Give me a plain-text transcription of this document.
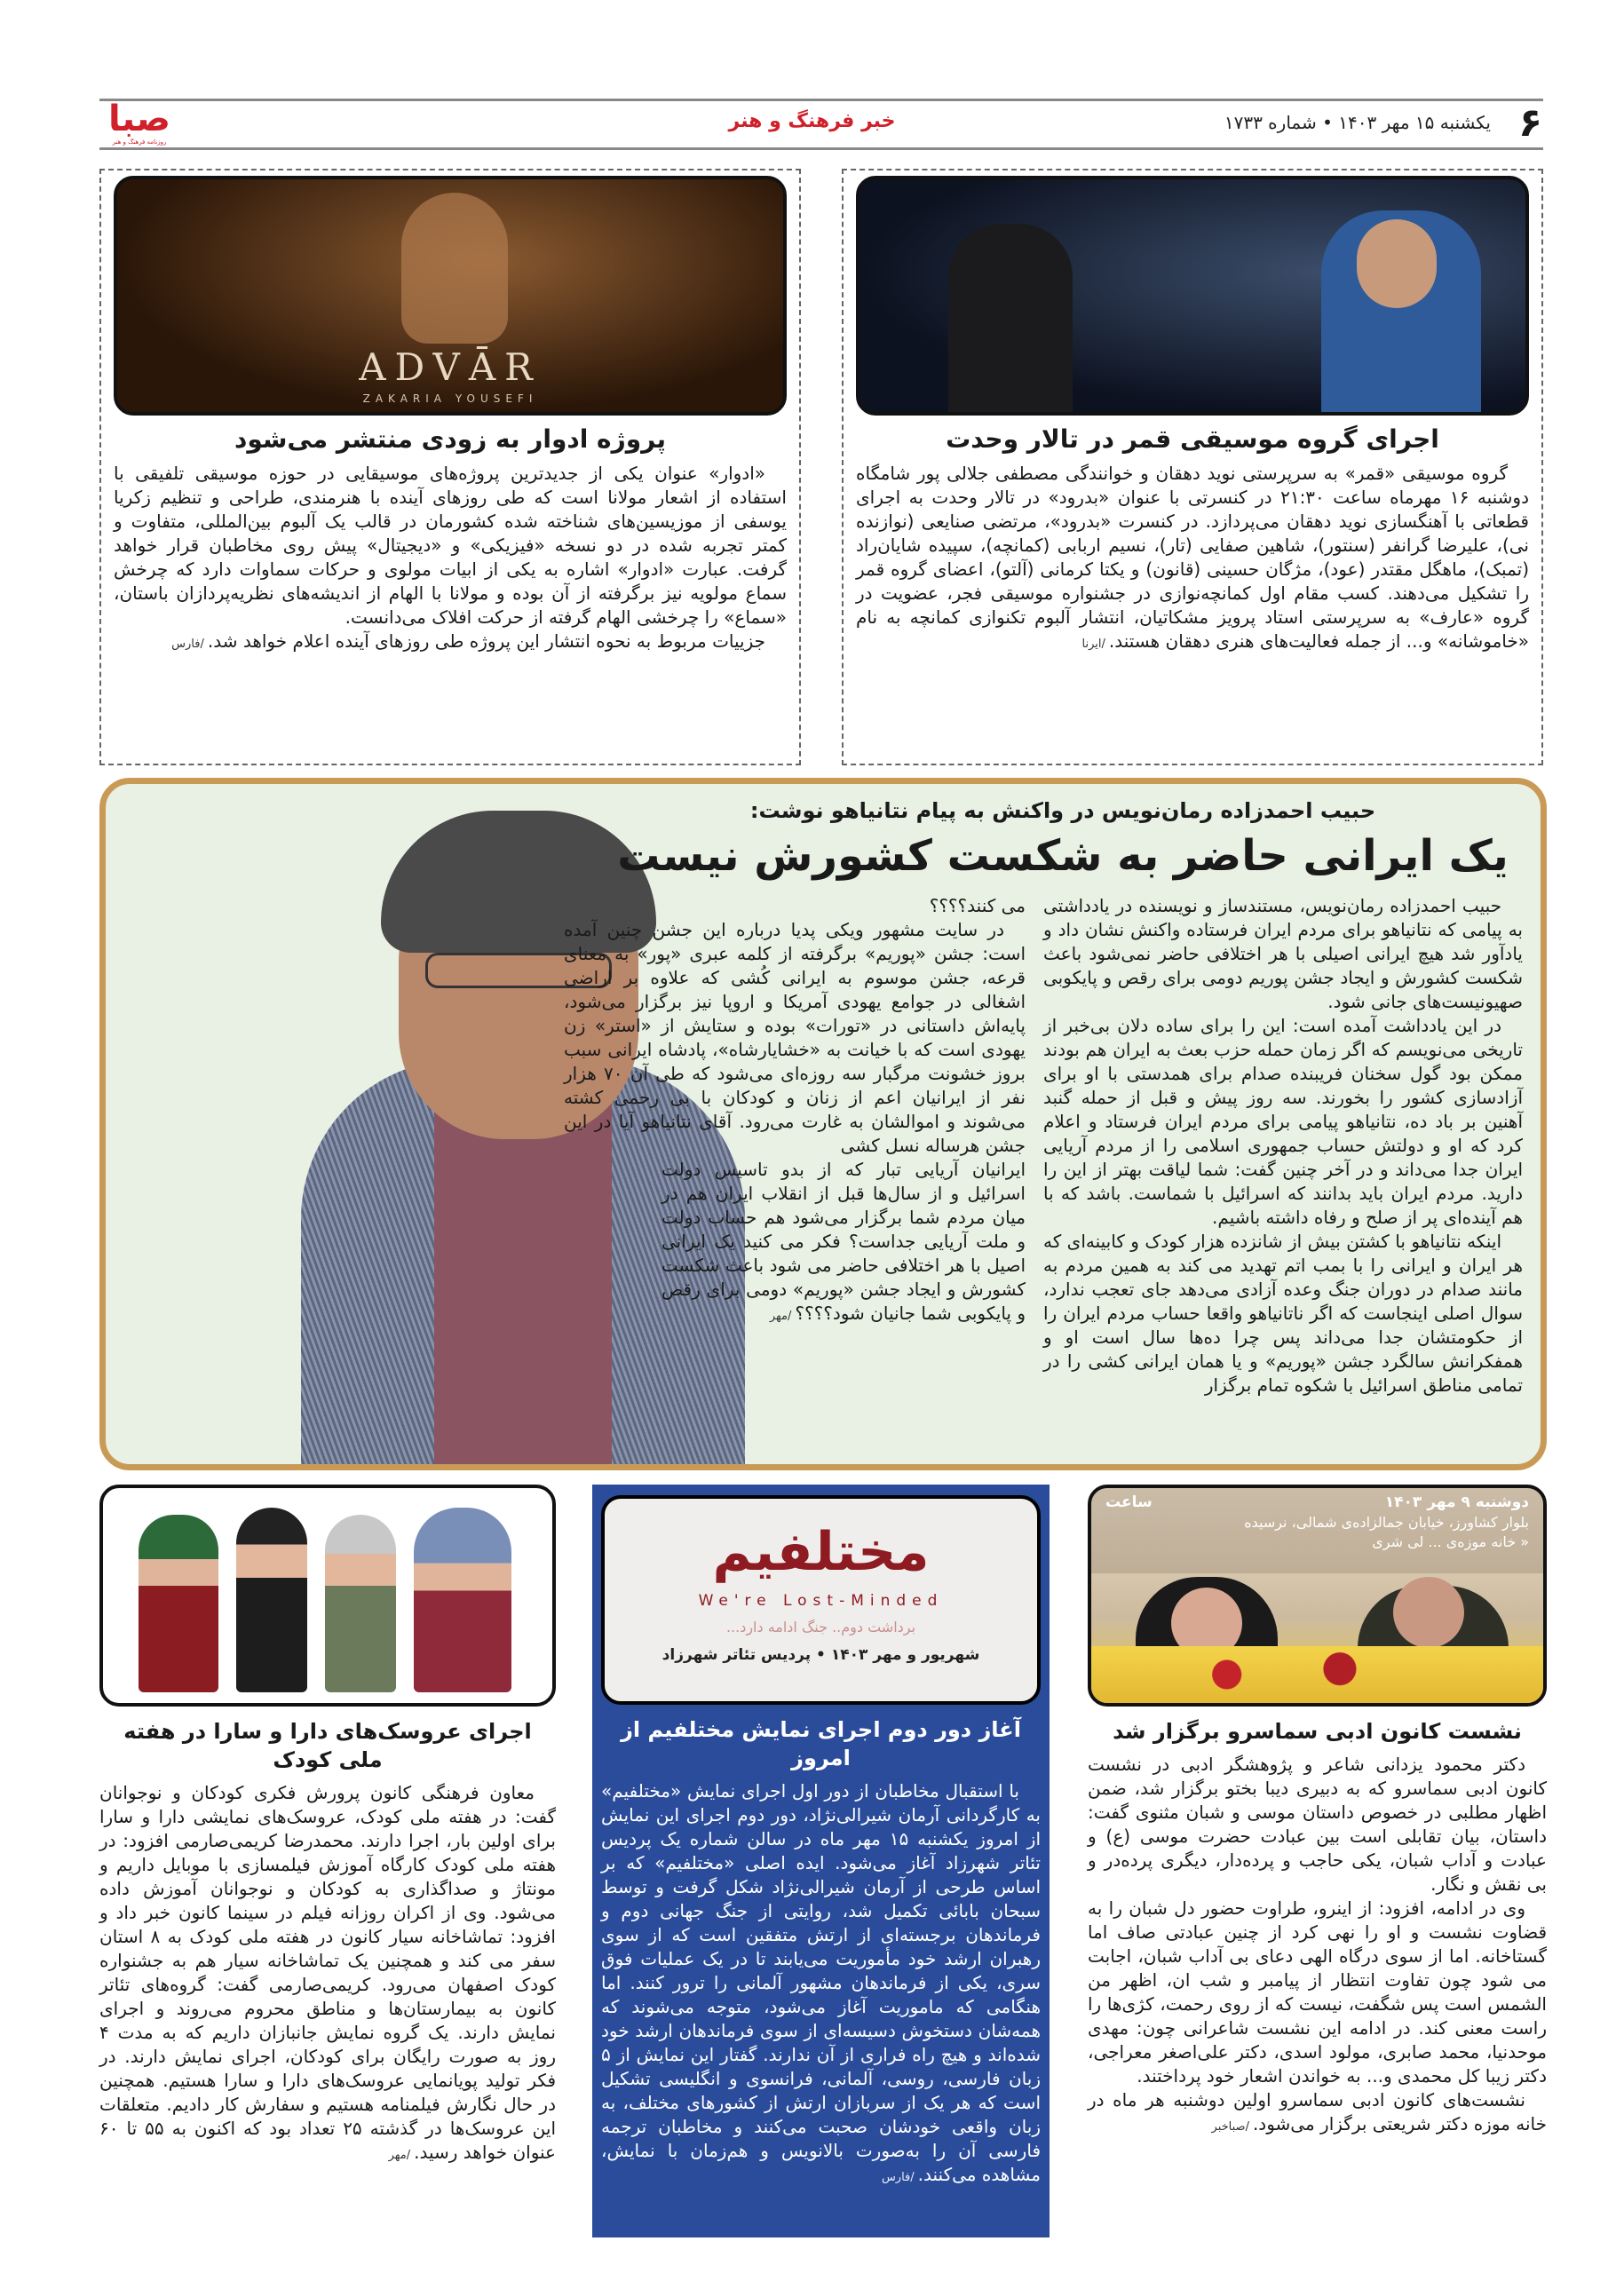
۶
یکشنبه ۱۵ مهر ۱۴۰۳ • شماره ۱۷۳۳
خبر فرهنگ و هنر
صبا
روزنامه فرهنگ و هنر
اجرای گروه موسیقی قمر در تالار وحدت

گروه موسیقی «قمر» به سرپرستی نوید دهقان و خوانندگی مصطفی جلالی پور شامگاه دوشنبه ۱۶ مهرماه ساعت ۲۱:۳۰ در کنسرتی با عنوان «بدرود» در تالار وحدت به اجرای قطعاتی با آهنگسازی نوید دهقان می‌پردازد. در کنسرت «بدرود»، مرتضی صنایعی (نوازنده نی)، علیرضا گرانفر (سنتور)، شاهین صفایی (تار)، نسیم اربابی (کمانچه)، سپیده شایان‌راد (تمبک)، ماهگل مقتدر (عود)، مژگان حسینی (قانون) و یکتا کرمانی (آلتو)، اعضای گروه قمر را تشکیل می‌دهند. کسب مقام اول کمانچه‌نوازی در جشنواره موسیقی فجر، عضویت در گروه «عارف» به سرپرستی استاد پرویز مشکاتیان، انتشار آلبوم تکنوازی کمانچه به نام «خاموشانه» و... از جمله فعالیت‌های هنری دهقان هستند./ایرنا

ADVĀR
ZAKARIA YOUSEFI
پروژه ادوار به زودی منتشر می‌شود

«ادوار» عنوان یکی از جدیدترین پروژه‌های موسیقایی در حوزه موسیقی تلفیقی با استفاده از اشعار مولانا است که طی روزهای آینده با هنرمندی، طراحی و تنظیم زکریا یوسفی از موزیسین‌های شناخته شده کشورمان در قالب یک آلبوم بین‌المللی، متفاوت و کمتر تجربه شده در دو نسخه «فیزیکی» و «دیجیتال» پیش روی مخاطبان قرار خواهد گرفت. عبارت «ادوار» اشاره به یکی از ابیات مولوی و حرکات سماوات دارد که چرخش سماع مولویه نیز برگرفته از آن بوده و مولانا با الهام از اندیشه‌های نظریه‌پردازان باستان، «سماع» را چرخشی الهام گرفته از حرکت افلاک می‌دانست.

جزییات مربوط به نحوه انتشار این پروژه طی روزهای آینده اعلام خواهد شد./فارس

حبیب احمدزاده رمان‌نویس در واکنش به پیام نتانیاهو نوشت:
یک ایرانی حاضر به شکست کشورش نیست

حبیب احمدزاده رمان‌نویس، مستندساز و نویسنده در یادداشتی به پیامی که نتانیاهو برای مردم ایران فرستاده واکنش نشان داد و یادآور شد هیچ ایرانی اصیلی با هر اختلافی حاضر نمی‌شود باعث شکست کشورش و ایجاد جشن پوریم دومی برای رقص و پایکوبی صهیونیست‌های جانی شود.

در این یادداشت آمده است: این را برای ساده دلان بی‌خبر از تاریخی می‌نویسم که اگر زمان حمله حزب بعث به ایران هم بودند ممکن بود گول سخنان فریبنده صدام برای همدستی با او برای آزادسازی کشور را بخورند. سه روز پیش و قبل از حمله گنبد آهنین بر باد ده، نتانیاهو پیامی برای مردم ایران فرستاد و اعلام کرد که او و دولتش حساب جمهوری اسلامی را از مردم آریایی ایران جدا می‌داند و در آخر چنین گفت: شما لیاقت بهتر از این را دارید. مردم ایران باید بدانند که اسرائیل با شماست. باشد که با هم آینده‌ای پر از صلح و رفاه داشته باشیم.

اینکه نتانیاهو با کشتن بیش از شانزده هزار کودک و کابینه‌ای که هر ایران و ایرانی را با بمب اتم تهدید می کند به همین مردم به مانند صدام در دوران جنگ وعده آزادی می‌دهد جای تعجب ندارد، سوال اصلی اینجاست که اگر ناتانیاهو واقعا حساب مردم ایران را از حکومتشان جدا می‌داند پس چرا ده‌ها سال است او و همفکرانش سالگرد جشن «پوریم» و یا همان ایرانی کشی را در تمامی مناطق اسرائیل با شکوه تمام برگزار

می کنند؟؟؟؟

در سایت مشهور ویکی پدیا درباره این جشن چنین آمده است: جشن «پوریم» برگرفته از کلمه عبری «پور» به معنای قرعه، جشن موسوم به ایرانی کُشی که علاوه بر اراضی اشغالی در جوامع یهودی آمریکا و اروپا نیز برگزار می‌شود، پایه‌اش داستانی در «تورات» بوده و ستایش از «استر» زن یهودی است که با خیانت به «خشایارشاه»، پادشاه ایرانی سبب بروز خشونت مرگبار سه روزه‌ای می‌شود که طی آن ۷۰ هزار نفر از ایرانیان اعم از زنان و کودکان با بی رحمی کشته می‌شوند و اموالشان به غارت می‌رود. آقای نتانیاهو آیا در این جشن هرساله نسل کشی

ایرانیان آریایی تبار که از بدو تاسیس دولت اسرائیل و از سال‌ها قبل از انقلاب ایران هم در میان مردم شما برگزار می‌شود هم حساب دولت و ملت آریایی جداست؟ فکر می کنید یک ایرانی اصیل با هر اختلافی حاضر می شود باعث شکست کشورش و ایجاد جشن «پوریم» دومی برای رقص و پایکوبی شما جانیان شود؟؟؟؟/مهر

دوشنبه ۹ مهر ۱۴۰۳
ساعت
بلوار کشاورز، خیابان جمالزاده‌ی شمالی، نرسیده
« خانه موزه‌ی ... لی شری
نشست کانون ادبی سماسرو برگزار شد

دکتر محمود یزدانی شاعر و پژوهشگر ادبی در نشست کانون ادبی سماسرو که به دبیری دیبا بختو برگزار شد، ضمن اظهار مطلبی در خصوص داستان موسی و شبان مثنوی گفت: داستان، بیان تقابلی است بین عبادت حضرت موسی (ع) و عبادت و آداب شبان، یکی حاجب و پرده‌دار، دیگری پرده‌در و بی نقش و نگار.

وی در ادامه، افزود: از اینرو، طراوت حضور دل شبان را به قضاوت نشست و او را نهی کرد از چنین عبادتی صاف اما گستاخانه. اما از سوی درگاه الهی دعای بی آداب شبان، اجابت می شود چون تفاوت انتظار از پیامبر و شب ان، اظهر من الشمس است پس شگفت، نیست که از روی رحمت، کژی‌ها را راست معنی کند. در ادامه این نشست شاعرانی چون: مهدی موحدنیا، محمد صابری، مولود اسدی، دکتر علی‌اصغر معراجی، دکتر زیبا کل محمدی و... به خواندن اشعار خود پرداختند.

نشست‌های کانون ادبی سماسرو اولین دوشنبه هر ماه در خانه موزه دکتر شریعتی برگزار می‌شود./صباخبر

مختلفیم
We're Lost-Minded
برداشت دوم.. جنگ ادامه دارد...
شهریور و مهر ۱۴۰۳ • پردیس تئاتر شهرزاد
آغاز دور دوم اجرای نمایش مختلفیم از امروز

با استقبال مخاطبان از دور اول اجرای نمایش «مختلفیم» به کارگردانی آرمان شیرالی‌نژاد، دور دوم اجرای این نمایش از امروز یکشنبه ۱۵ مهر ماه در سالن شماره یک پردیس تئاتر شهرزاد آغاز می‌شود. ایده اصلی «مختلفیم» که بر اساس طرحی از آرمان شیرالی‌نژاد شکل گرفت و توسط سبحان بابائی تکمیل شد، روایتی از جنگ جهانی دوم و فرماندهان برجسته‌ای از ارتش متفقین است که از سوی رهبران ارشد خود مأموریت می‌یابند تا در یک عملیات فوق سری، یکی از فرماندهان مشهور آلمانی را ترور کنند. اما هنگامی که ماموریت آغاز می‌شود، متوجه می‌شوند که همه‌شان دستخوش دسیسه‌ای از سوی فرماندهان ارشد خود شده‌اند و هیچ راه فراری از آن ندارند. گفتار این نمایش از ۵ زبان فارسی، روسی، آلمانی، فرانسوی و انگلیسی تشکیل است که هر یک از سربازان ارتش از کشورهای مختلف، به زبان واقعی خودشان صحبت می‌کنند و مخاطبان ترجمه فارسی آن را به‌صورت بالانویس و هم‌زمان با نمایش، مشاهده می‌کنند./فارس

اجرای عروسک‌های دارا و سارا در هفته ملی کودک

معاون فرهنگی کانون پرورش فکری کودکان و نوجوانان گفت: در هفته ملی کودک، عروسک‌های نمایشی دارا و سارا برای اولین بار، اجرا دارند. محمدرضا کریمی‌صارمی افزود: در هفته ملی کودک کارگاه آموزش فیلمسازی با موبایل داریم و مونتاژ و صداگذاری به کودکان و نوجوانان آموزش داده می‌شود. وی از اکران روزانه فیلم در سینما کانون خبر داد و افزود: تماشاخانه سیار کانون در هفته ملی کودک به ۸ استان سفر می کند و همچنین یک تماشاخانه سیار هم به جشنواره کودک اصفهان می‌رود. کریمی‌صارمی گفت: گروه‌های تئاتر کانون به بیمارستان‌ها و مناطق محروم می‌روند و اجرای نمایش دارند. یک گروه نمایش جانبازان داریم که به مدت ۴ روز به صورت رایگان برای کودکان، اجرای نمایش دارند. در فکر تولید پویانمایی عروسک‌های دارا و سارا هستیم. همچنین در حال نگارش فیلمنامه هستیم و سفارش کار دادیم. متعلقات این عروسک‌ها در گذشته ۲۵ تعداد بود که اکنون به ۵۵ تا ۶۰ عنوان خواهد رسید./مهر
